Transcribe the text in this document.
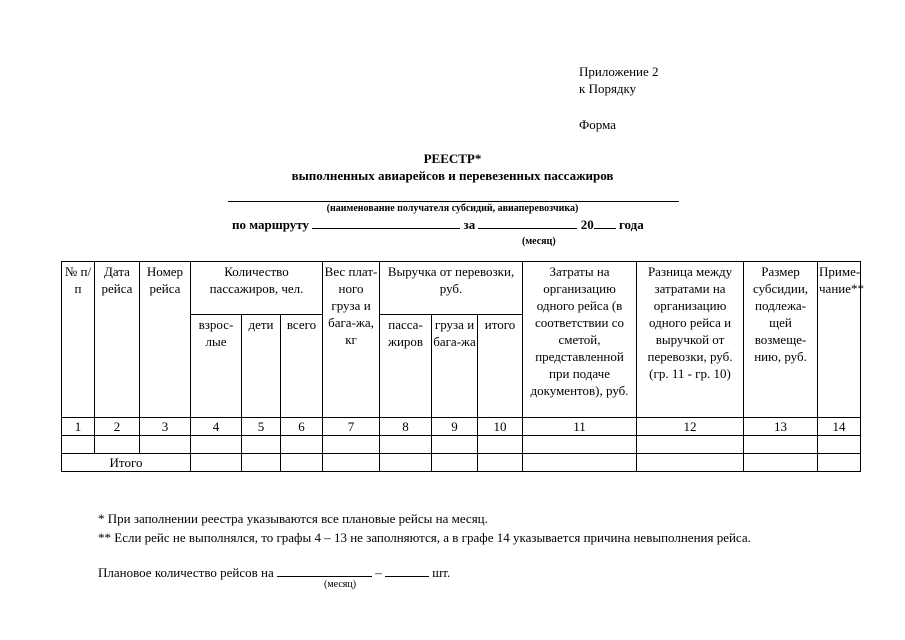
Приложение 2
к Порядку
Форма
РЕЕСТР*
выполненных авиарейсов и перевезенных пассажиров
(наименование получателя субсидий, авиаперевозчика)
по маршруту	за	20 года
(месяц)
№ п/п	Дата рейса	Номер рейса	Количество пассажиров, чел.			Вес плат-ного груза и бага-жа, кг	Выручка от перевозки, руб.			Затраты на организацию одного рейса (в соответствии со сметой, представленной при подаче документов), руб.	Разница между затратами на организацию одного рейса и выручкой от перевозки, руб. (гр. 11 - гр. 10)	Размер субсидии, подлежа-щей возмеще-нию, руб.	Приме-чание**
			взрос-лые	дети	всего		пасса-жиров	груза и бага-жа	итого				
1	2	3	4	5	6	7	8	9	10	11	12	13	14

Итого													

* При заполнении реестра указываются все плановые рейсы на месяц.

** Если рейс не выполнялся, то графы 4 – 13 не заполняются, а в графе 14 указывается причина невыполнения рейса.

Плановое количество рейсов на	–	шт.
(месяц)
